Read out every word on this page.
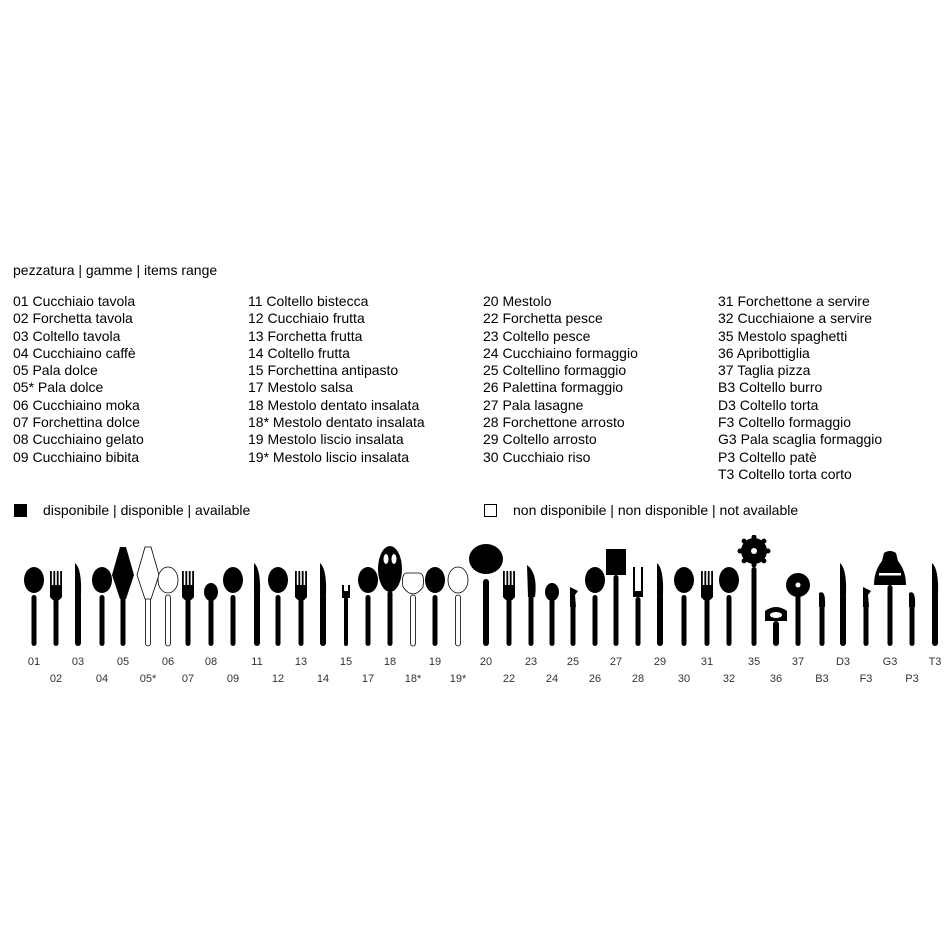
pezzatura | gamme | items range
01 Cucchiaio tavola
02 Forchetta tavola
03 Coltello tavola
04 Cucchiaino caffè
05 Pala dolce
05* Pala dolce
06 Cucchiaino moka
07 Forchettina dolce
08 Cucchiaino gelato
09 Cucchiaino bibita
11 Coltello bistecca
12 Cucchiaio frutta
13 Forchetta frutta
14 Coltello frutta
15 Forchettina antipasto
17 Mestolo salsa
18 Mestolo dentato insalata
18* Mestolo dentato insalata
19 Mestolo liscio insalata
19* Mestolo liscio insalata
20 Mestolo
22 Forchetta pesce
23 Coltello pesce
24 Cucchiaino formaggio
25 Coltellino formaggio
26 Palettina formaggio
27 Pala lasagne
28 Forchettone arrosto
29 Coltello arrosto
30 Cucchiaio riso
31 Forchettone a servire
32 Cucchiaione a servire
35 Mestolo spaghetti
36 Apribottiglia
37 Taglia pizza
B3 Coltello burro
D3 Coltello torta
F3 Coltello formaggio
G3 Pala scaglia formaggio
P3 Coltello patè
T3 Coltello torta corto
disponibile | disponible | available	non disponibile | non disponible | not available
01
02
03
04
05
05*
06
07
08
09
11
12
13
14
15
17
18
18*
19
19*
20
22
23
24
25
26
27
28
29
30
31
32
35
36
37
B3
D3
F3
G3
P3
T3
